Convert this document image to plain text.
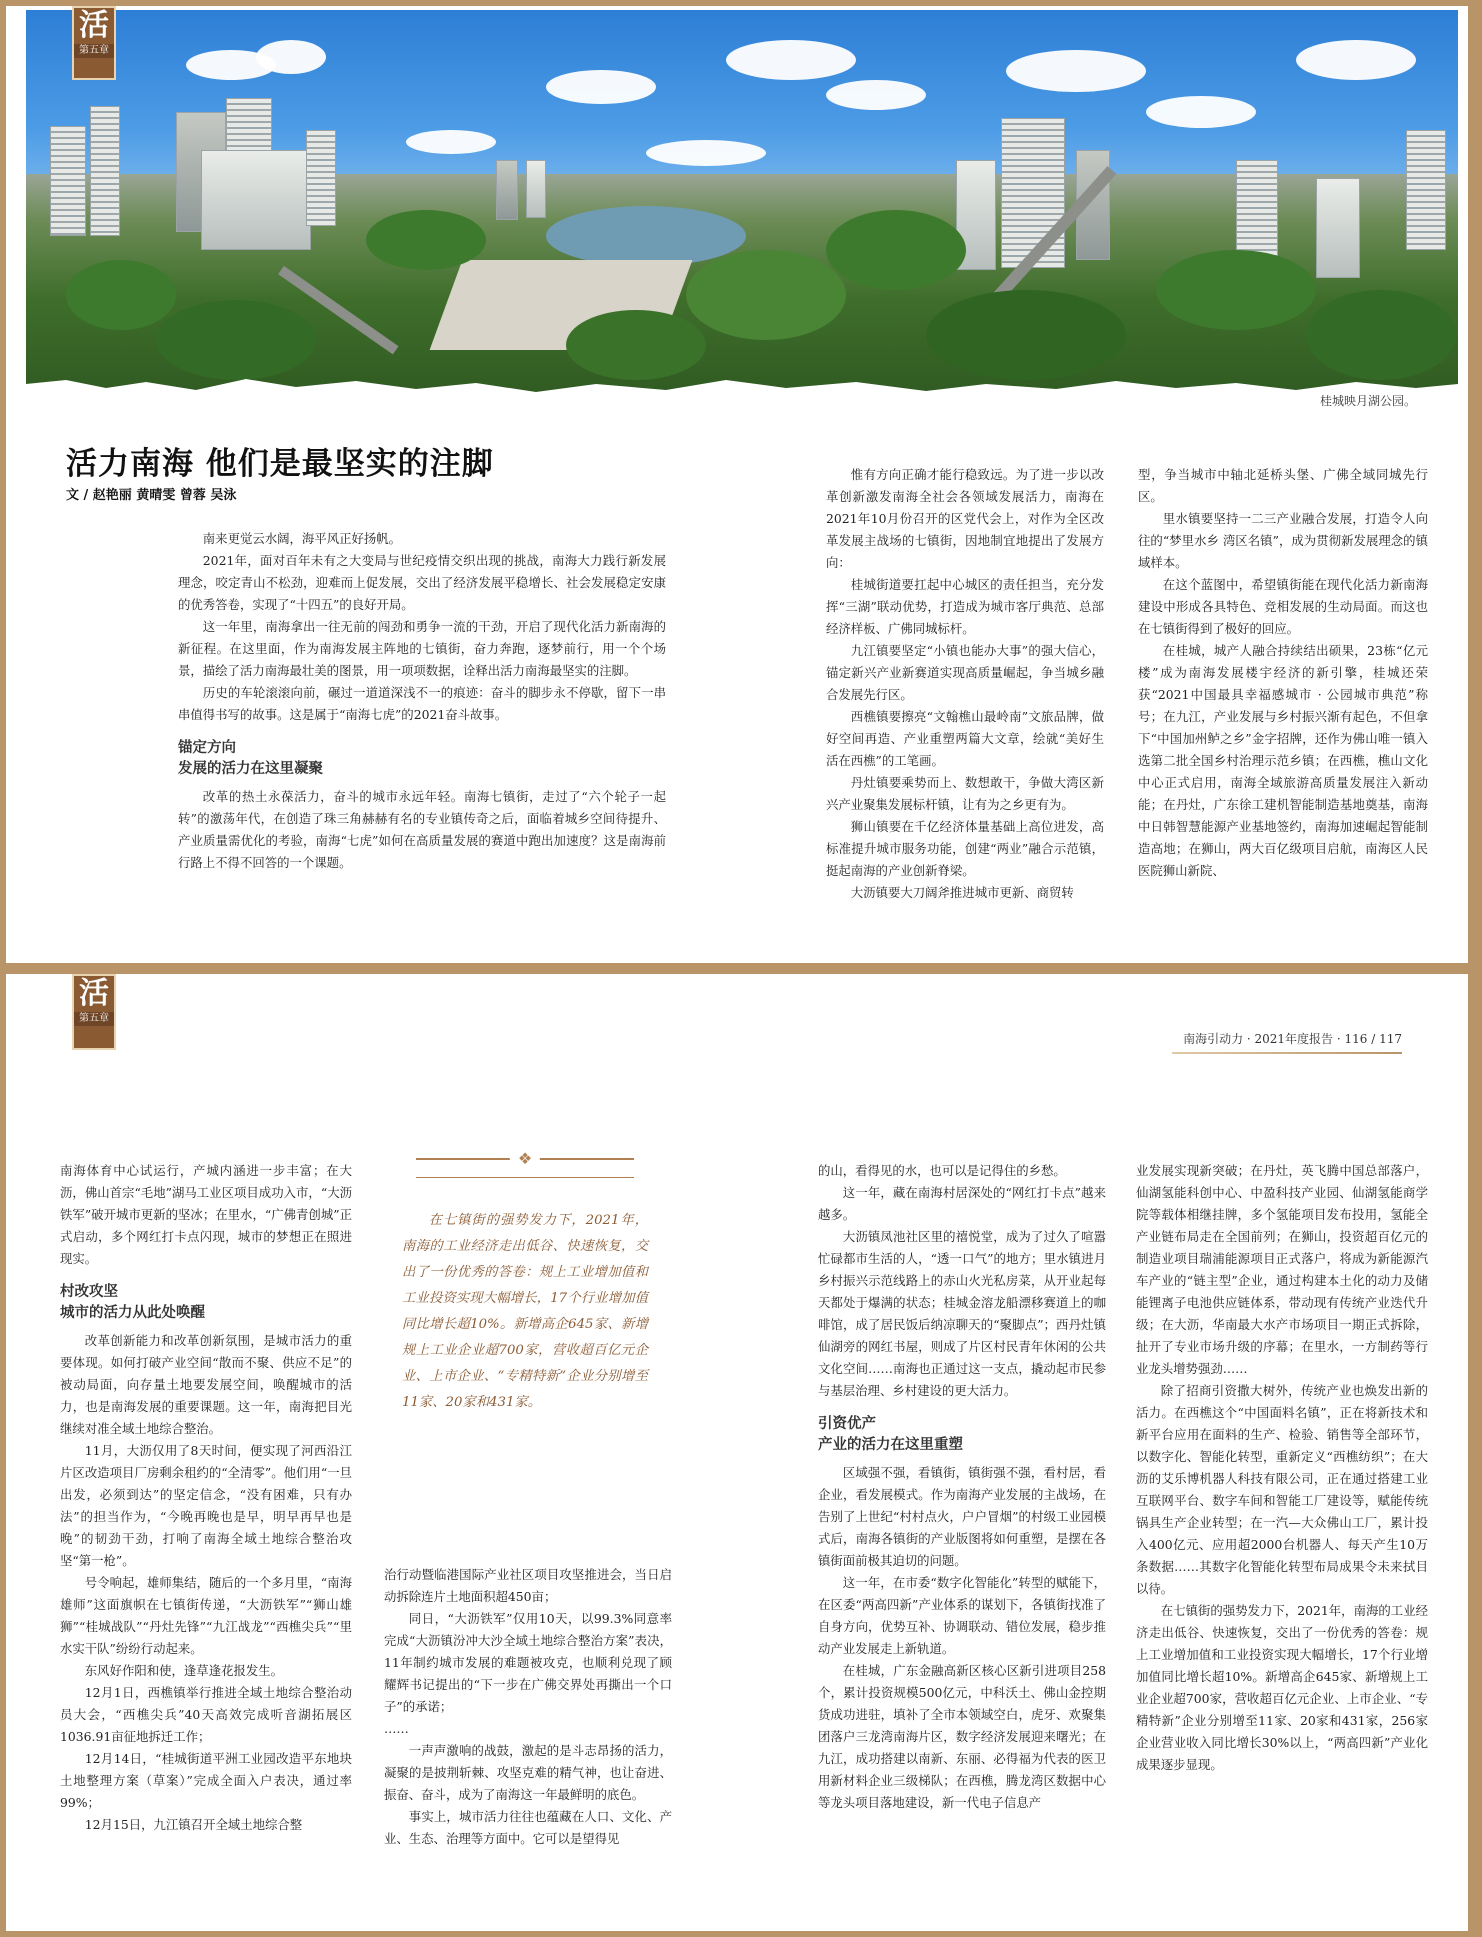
活
第五章
桂城映月湖公园。
活力南海 他们是最坚实的注脚
文 / 赵艳丽 黄晴雯 曾蓉 吴泳

南来更觉云水阔，海平风正好扬帆。

2021年，面对百年未有之大变局与世纪疫情交织出现的挑战，南海大力践行新发展理念，咬定青山不松劲，迎难而上促发展，交出了经济发展平稳增长、社会发展稳定安康的优秀答卷，实现了“十四五”的良好开局。

这一年里，南海拿出一往无前的闯劲和勇争一流的干劲，开启了现代化活力新南海的新征程。在这里面，作为南海发展主阵地的七镇街，奋力奔跑，逐梦前行，用一个个场景，描绘了活力南海最壮美的图景，用一项项数据，诠释出活力南海最坚实的注脚。

历史的车轮滚滚向前，碾过一道道深浅不一的痕迹：奋斗的脚步永不停歇，留下一串串值得书写的故事。这是属于“南海七虎”的2021奋斗故事。

锚定方向
发展的活力在这里凝聚

改革的热土永葆活力，奋斗的城市永远年轻。南海七镇街，走过了“六个轮子一起转”的激荡年代，在创造了珠三角赫赫有名的专业镇传奇之后，面临着城乡空间待提升、产业质量需优化的考验，南海“七虎”如何在高质量发展的赛道中跑出加速度？这是南海前行路上不得不回答的一个课题。

惟有方向正确才能行稳致远。为了进一步以改革创新激发南海全社会各领域发展活力，南海在2021年10月份召开的区党代会上，对作为全区改革发展主战场的七镇街，因地制宜地提出了发展方向：

桂城街道要扛起中心城区的责任担当，充分发挥“三湖”联动优势，打造成为城市客厅典范、总部经济样板、广佛同城标杆。

九江镇要坚定“小镇也能办大事”的强大信心，锚定新兴产业新赛道实现高质量崛起，争当城乡融合发展先行区。

西樵镇要擦亮“文翰樵山最岭南”文旅品牌，做好空间再造、产业重塑两篇大文章，绘就“美好生活在西樵”的工笔画。

丹灶镇要乘势而上、数想敢干，争做大湾区新兴产业聚集发展标杆镇，让有为之乡更有为。

狮山镇要在千亿经济体量基础上高位进发，高标准提升城市服务功能，创建“两业”融合示范镇，挺起南海的产业创新脊梁。

大沥镇要大刀阔斧推进城市更新、商贸转

型，争当城市中轴北延桥头堡、广佛全域同城先行区。

里水镇要坚持一二三产业融合发展，打造令人向往的“梦里水乡 湾区名镇”，成为贯彻新发展理念的镇域样本。

在这个蓝图中，希望镇街能在现代化活力新南海建设中形成各具特色、竞相发展的生动局面。而这也在七镇街得到了极好的回应。

在桂城，城产人融合持续结出硕果，23栋“亿元楼”成为南海发展楼宇经济的新引擎，桂城还荣获“2021中国最具幸福感城市 · 公园城市典范”称号；在九江，产业发展与乡村振兴渐有起色，不但拿下“中国加州鲈之乡”金字招牌，还作为佛山唯一镇入选第二批全国乡村治理示范乡镇；在西樵，樵山文化中心正式启用，南海全域旅游高质量发展注入新动能；在丹灶，广东徐工建机智能制造基地奠基，南海中日韩智慧能源产业基地签约，南海加速崛起智能制造高地；在狮山，两大百亿级项目启航，南海区人民医院狮山新院、

活
第五章
南海引动力 · 2021年度报告 · 116 / 117

南海体育中心试运行，产城内涵进一步丰富；在大沥，佛山首宗“毛地”湖马工业区项目成功入市，“大沥铁军”破开城市更新的坚冰；在里水，“广佛青创城”正式启动，多个网红打卡点闪现，城市的梦想正在照进现实。

村改攻坚
城市的活力从此处唤醒

改革创新能力和改革创新氛围，是城市活力的重要体现。如何打破产业空间“散而不聚、供应不足”的被动局面，向存量土地要发展空间，唤醒城市的活力，也是南海发展的重要课题。这一年，南海把目光继续对准全域土地综合整治。

11月，大沥仅用了8天时间，便实现了河西沿江片区改造项目厂房剩余租约的“全清零”。他们用“一旦出发，必须到达”的坚定信念，“没有困难，只有办法”的担当作为，“今晚再晚也是早，明早再早也是晚”的韧劲干劲，打响了南海全域土地综合整治攻坚“第一枪”。

号令响起，雄师集结，随后的一个多月里，“南海雄师”这面旗帜在七镇街传递，“大沥铁军”“狮山雄狮”“桂城战队”“丹灶先锋”“九江战龙”“西樵尖兵”“里水实干队”纷纷行动起来。

东风好作阳和使，逢草逢花报发生。

12月1日，西樵镇举行推进全域土地综合整治动员大会，“西樵尖兵”40天高效完成听音湖拓展区1036.91亩征地拆迁工作；

12月14日，“桂城街道平洲工业园改造平东地块土地整理方案（草案）”完成全面入户表决，通过率99%；

12月15日，九江镇召开全域土地综合整

❖
在七镇街的强势发力下，2021年，南海的工业经济走出低谷、快速恢复，交出了一份优秀的答卷：规上工业增加值和工业投资实现大幅增长，17个行业增加值同比增长超10%。新增高企645家、新增规上工业企业超700家，营收超百亿元企业、上市企业、“专精特新”企业分别增至11家、20家和431家。

治行动暨临港国际产业社区项目攻坚推进会，当日启动拆除连片土地面积超450亩；

同日，“大沥铁军”仅用10天，以99.3%同意率完成“大沥镇汾冲大沙全域土地综合整治方案”表决，11年制约城市发展的难题被攻克，也顺利兑现了顾耀辉书记提出的“下一步在广佛交界处再撕出一个口子”的承诺；

……

一声声激响的战鼓，激起的是斗志昂扬的活力，凝聚的是披荆斩棘、攻坚克难的精气神，也让奋进、振奋、奋斗，成为了南海这一年最鲜明的底色。

事实上，城市活力往往也蕴藏在人口、文化、产业、生态、治理等方面中。它可以是望得见

的山，看得见的水，也可以是记得住的乡愁。

这一年，藏在南海村居深处的“网红打卡点”越来越多。

大沥镇凤池社区里的禧悦堂，成为了过久了喧嚣忙碌都市生活的人，“透一口气”的地方；里水镇进月乡村振兴示范线路上的赤山火光私房菜，从开业起每天都处于爆满的状态；桂城金溶龙船漂移赛道上的咖啡馆，成了居民饭后纳凉聊天的“聚脚点”；西丹灶镇仙湖旁的网红书屋，则成了片区村民青年休闲的公共文化空间……南海也正通过这一支点，撬动起市民参与基层治理、乡村建设的更大活力。

引资优产
产业的活力在这里重塑

区域强不强，看镇街，镇街强不强，看村居，看企业，看发展模式。作为南海产业发展的主战场，在告别了上世纪“村村点火，户户冒烟”的村级工业园模式后，南海各镇街的产业版图将如何重塑，是摆在各镇街面前极其迫切的问题。

这一年，在市委“数字化智能化”转型的赋能下，在区委“两高四新”产业体系的谋划下，各镇街找准了自身方向，优势互补、协调联动、错位发展，稳步推动产业发展走上新轨道。

在桂城，广东金融高新区核心区新引进项目258个，累计投资规模500亿元，中科沃土、佛山金控期货成功进驻，填补了全市本领域空白，虎牙、欢聚集团落户三龙湾南海片区，数字经济发展迎来曙光；在九江，成功搭建以南新、东丽、必得福为代表的医卫用新材料企业三级梯队；在西樵，腾龙湾区数据中心等龙头项目落地建设，新一代电子信息产

业发展实现新突破；在丹灶，英飞腾中国总部落户，仙湖氢能科创中心、中盈科技产业园、仙湖氢能商学院等载体相继挂牌，多个氢能项目发布投用，氢能全产业链布局走在全国前列；在狮山，投资超百亿元的制造业项目瑞浦能源项目正式落户，将成为新能源汽车产业的“链主型”企业，通过构建本土化的动力及储能锂离子电池供应链体系，带动现有传统产业迭代升级；在大沥，华南最大水产市场项目一期正式拆除，扯开了专业市场升级的序幕；在里水，一方制药等行业龙头增势强劲……

除了招商引资撒大树外，传统产业也焕发出新的活力。在西樵这个“中国面料名镇”，正在将新技术和新平台应用在面料的生产、检验、销售等全部环节，以数字化、智能化转型，重新定义“西樵纺织”；在大沥的艾乐博机器人科技有限公司，正在通过搭建工业互联网平台、数字车间和智能工厂建设等，赋能传统锅具生产企业转型；在一汽—大众佛山工厂，累计投入400亿元、应用超2000台机器人、每天产生10万条数据……其数字化智能化转型布局成果令未来拭目以待。

在七镇街的强势发力下，2021年，南海的工业经济走出低谷、快速恢复，交出了一份优秀的答卷：规上工业增加值和工业投资实现大幅增长，17个行业增加值同比增长超10%。新增高企645家、新增规上工业企业超700家，营收超百亿元企业、上市企业、“专精特新”企业分别增至11家、20家和431家，256家企业营业收入同比增长30%以上，“两高四新”产业化成果逐步显现。
